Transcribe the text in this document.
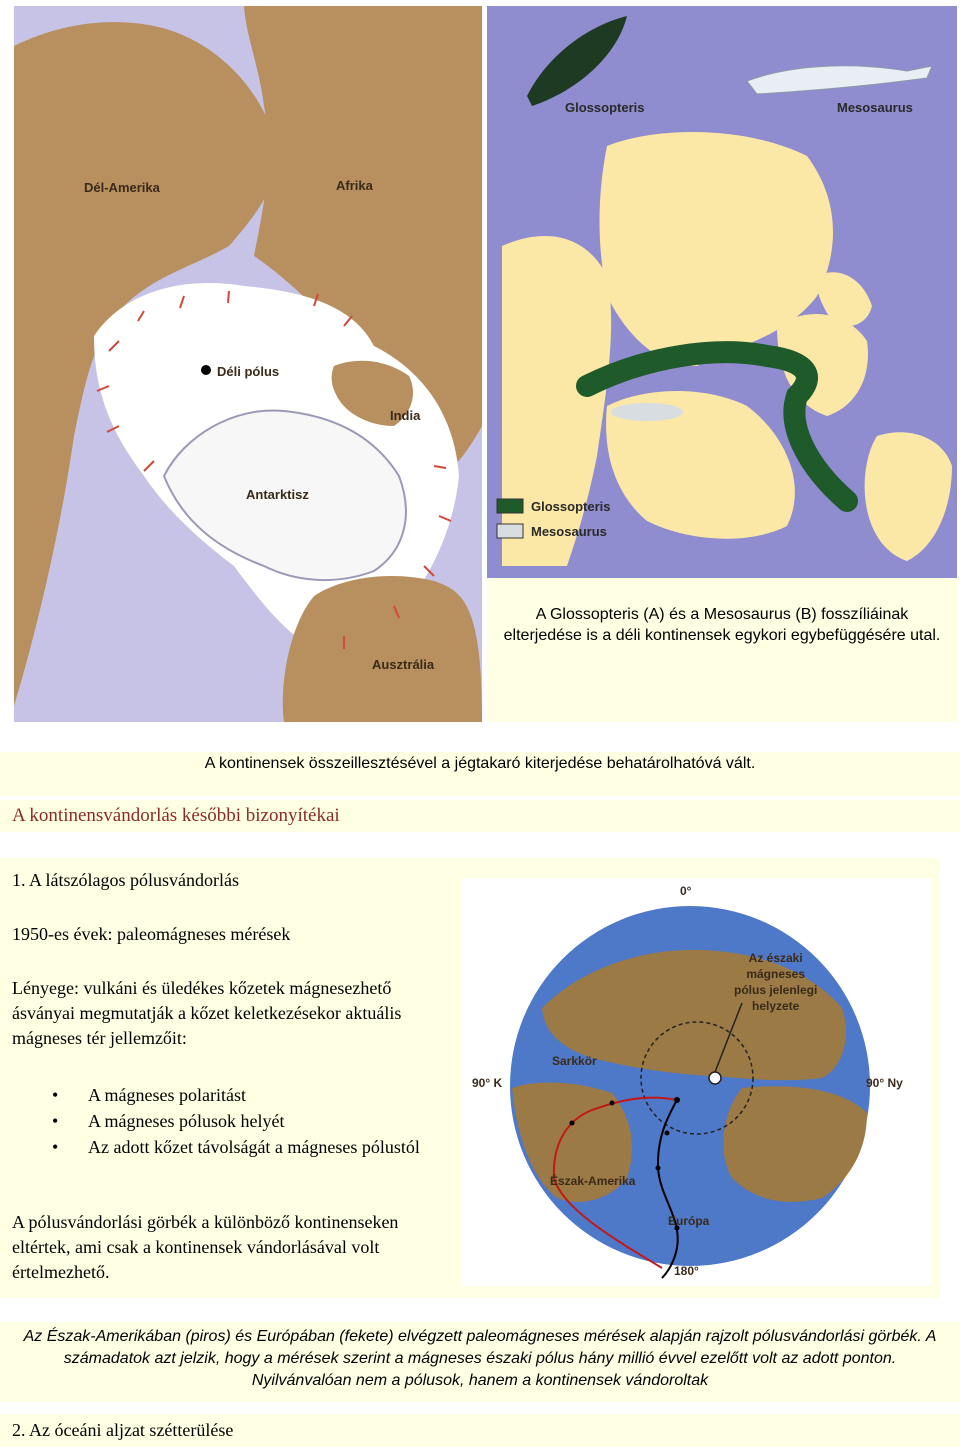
Dél-Amerika	Afrika
Déli pólus
India
Antarktisz
Ausztrália
Glossopteris	Mesosaurus
Glossopteris
Mesosaurus
A Glossopteris (A) és a Mesosaurus (B) fosszíliáinak elterjedése is a déli kontinensek egykori egybefüggésére utal.
A kontinensek összeillesztésével a jégtakaró kiterjedése behatárolhatóvá vált.
A kontinensvándorlás későbbi bizonyítékai
1. A látszólagos pólusvándorlás
1950-es évek: paleomágneses mérések
Lényege: vulkáni és üledékes kőzetek mágnesezhető ásványai megmutatják a kőzet keletkezésekor aktuális mágneses tér jellemzőit:
• A mágneses polaritást
• A mágneses pólusok helyét
• Az adott kőzet távolságát a mágneses pólustól
A pólusvándorlási görbék a különböző kontinenseken eltértek, ami csak a kontinensek vándorlásával volt értelmezhető.
0°
90° K	90° Ny
180°
Sarkkör
Észak-Amerika
Európa
Az északi
mágneses
pólus jelenlegi
helyzete
Az Észak-Amerikában (piros) és Európában (fekete) elvégzett paleomágneses mérések alapján rajzolt pólusvándorlási görbék. A számadatok azt jelzik, hogy a mérések szerint a mágneses északi pólus hány millió évvel ezelőtt volt az adott ponton. Nyilvánvalóan nem a pólusok, hanem a kontinensek vándoroltak
2. Az óceáni aljzat szétterülése
